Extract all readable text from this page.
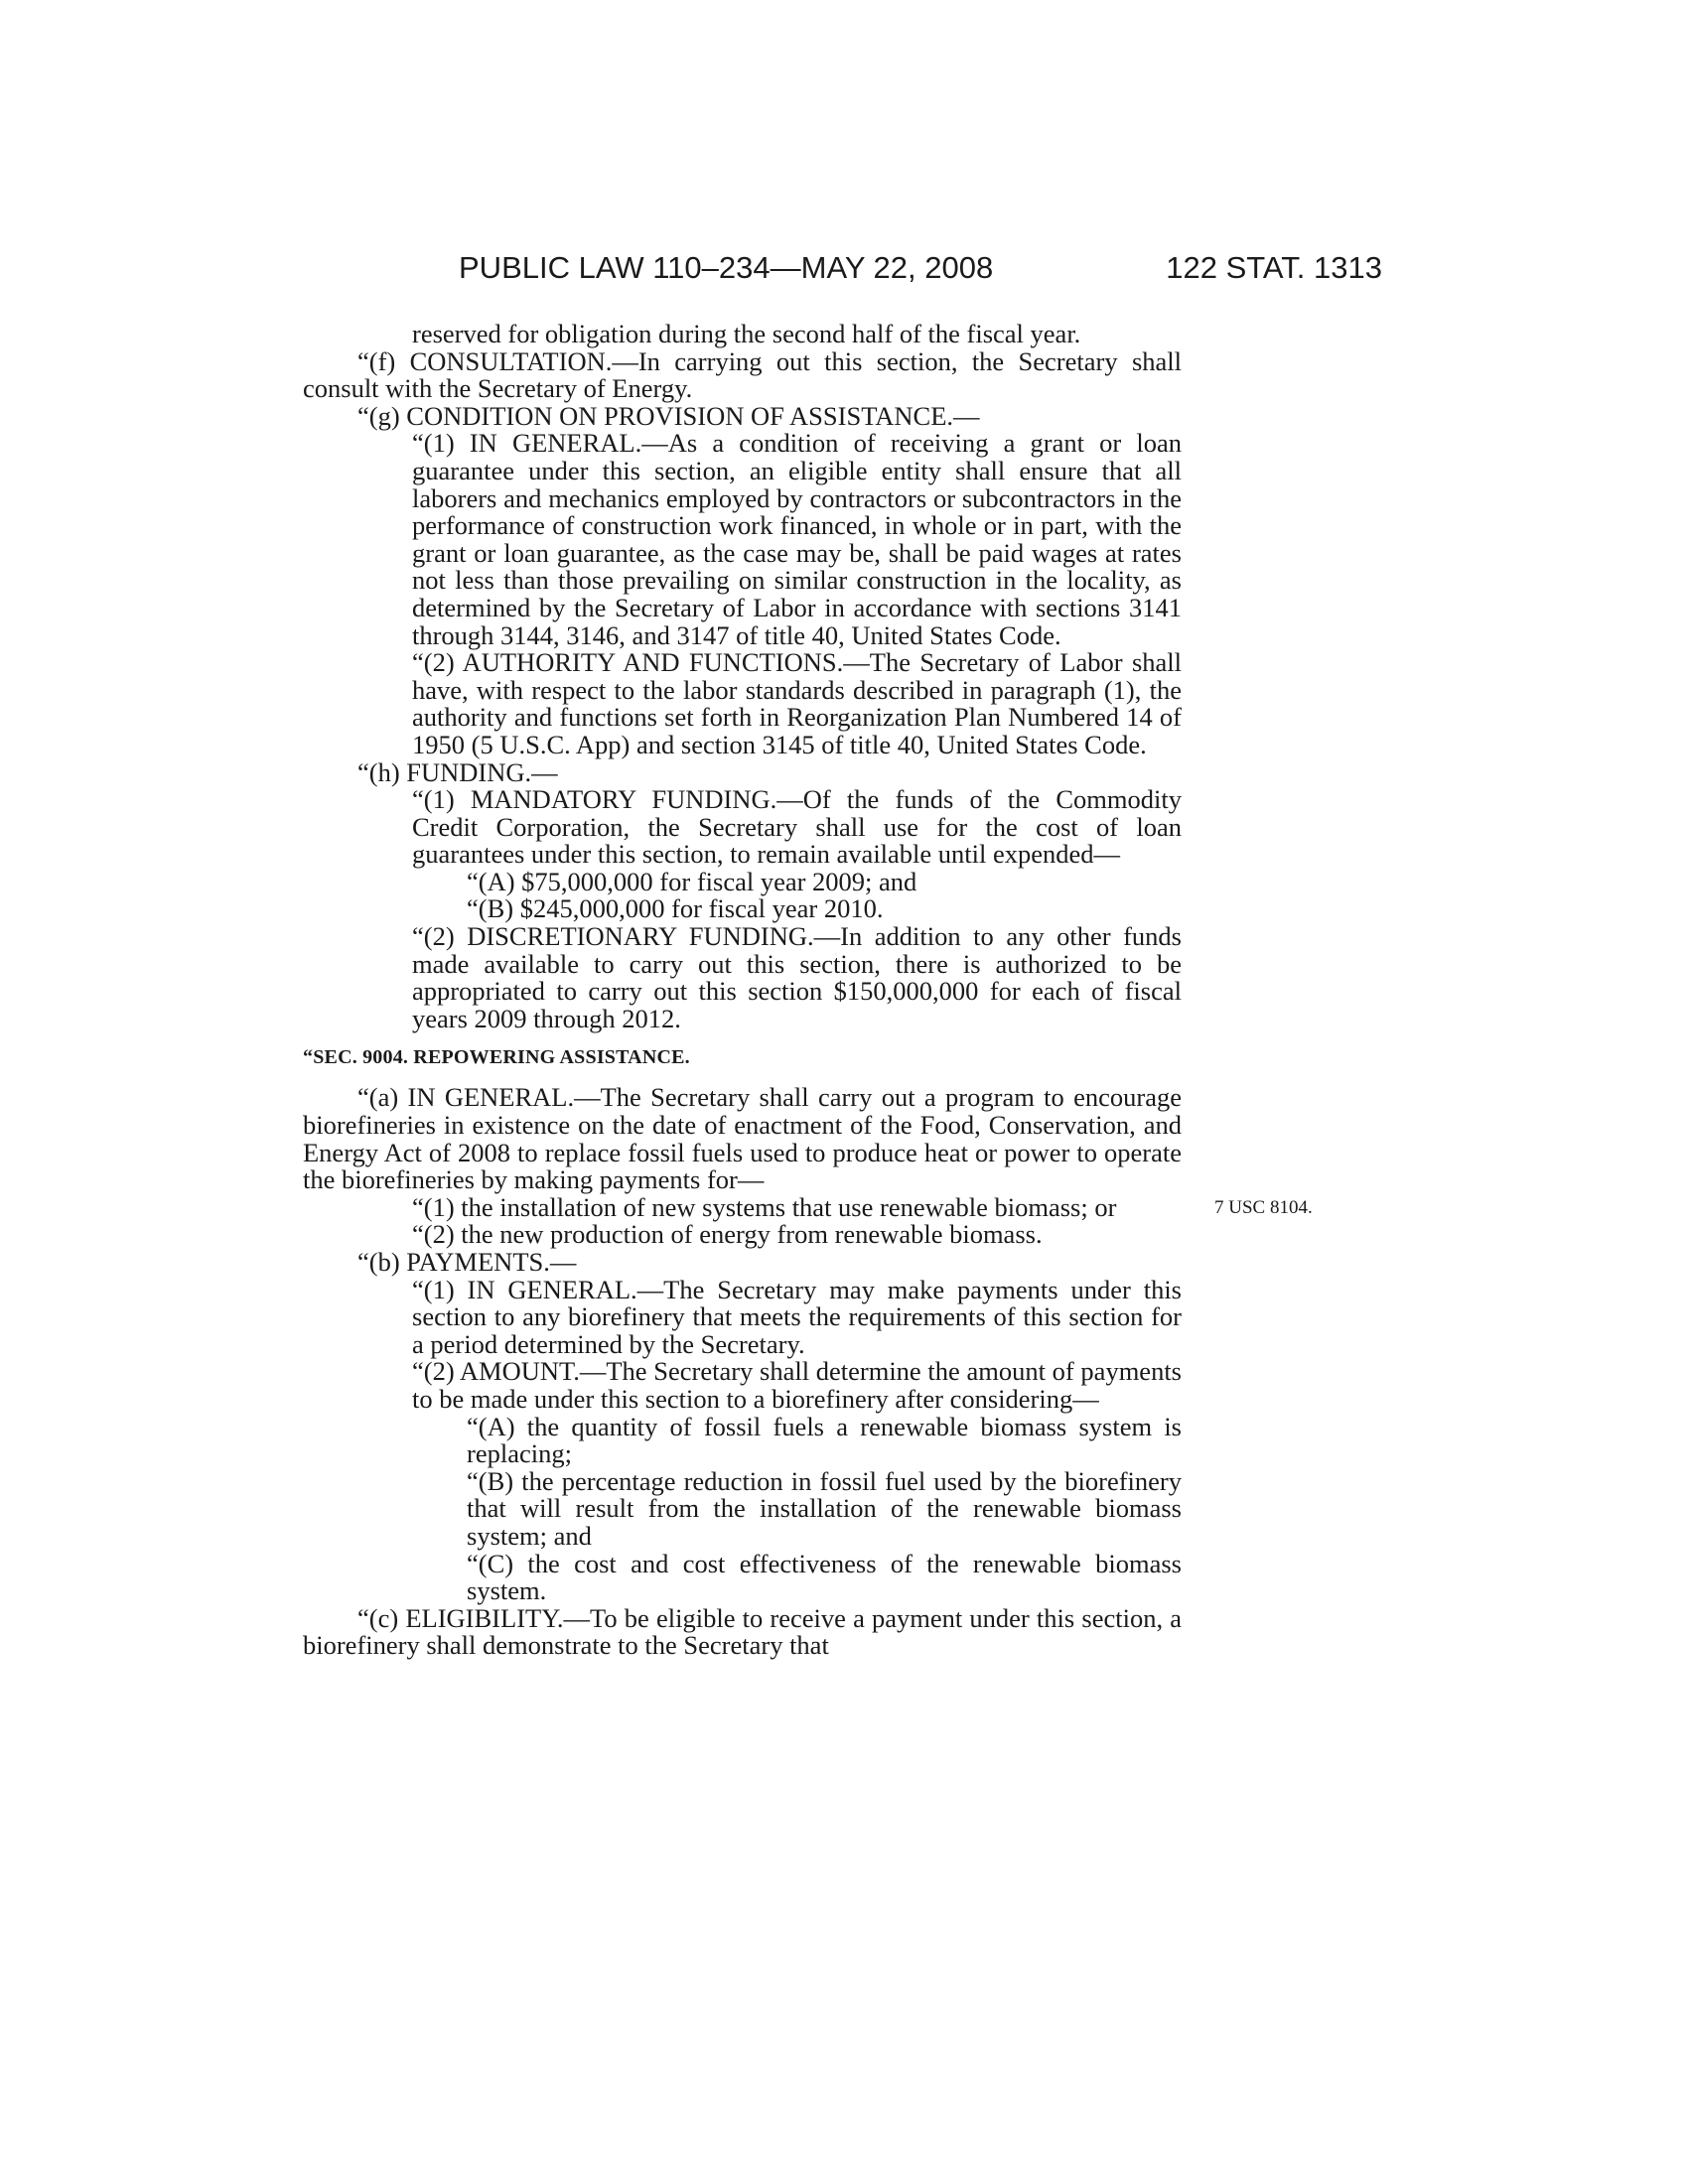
PUBLIC LAW 110–234—MAY 22, 2008	122 STAT. 1313
7 USC 8104.

reserved for obligation during the second half of the fiscal year.

“(f) CONSULTATION.—In carrying out this section, the Secretary shall consult with the Secretary of Energy.

“(g) CONDITION ON PROVISION OF ASSISTANCE.—

“(1) IN GENERAL.—As a condition of receiving a grant or loan guarantee under this section, an eligible entity shall ensure that all laborers and mechanics employed by contractors or subcontractors in the performance of construction work financed, in whole or in part, with the grant or loan guarantee, as the case may be, shall be paid wages at rates not less than those prevailing on similar construction in the locality, as determined by the Secretary of Labor in accordance with sections 3141 through 3144, 3146, and 3147 of title 40, United States Code.

“(2) AUTHORITY AND FUNCTIONS.—The Secretary of Labor shall have, with respect to the labor standards described in paragraph (1), the authority and functions set forth in Reorganization Plan Numbered 14 of 1950 (5 U.S.C. App) and section 3145 of title 40, United States Code.

“(h) FUNDING.—

“(1) MANDATORY FUNDING.—Of the funds of the Commodity Credit Corporation, the Secretary shall use for the cost of loan guarantees under this section, to remain available until expended—

“(A) $75,000,000 for fiscal year 2009; and

“(B) $245,000,000 for fiscal year 2010.

“(2) DISCRETIONARY FUNDING.—In addition to any other funds made available to carry out this section, there is authorized to be appropriated to carry out this section $150,000,000 for each of fiscal years 2009 through 2012.

“SEC. 9004. REPOWERING ASSISTANCE.

“(a) IN GENERAL.—The Secretary shall carry out a program to encourage biorefineries in existence on the date of enactment of the Food, Conservation, and Energy Act of 2008 to replace fossil fuels used to produce heat or power to operate the biorefineries by making payments for—

“(1) the installation of new systems that use renewable biomass; or

“(2) the new production of energy from renewable biomass.

“(b) PAYMENTS.—

“(1) IN GENERAL.—The Secretary may make payments under this section to any biorefinery that meets the requirements of this section for a period determined by the Secretary.

“(2) AMOUNT.—The Secretary shall determine the amount of payments to be made under this section to a biorefinery after considering—

“(A) the quantity of fossil fuels a renewable biomass system is replacing;

“(B) the percentage reduction in fossil fuel used by the biorefinery that will result from the installation of the renewable biomass system; and

“(C) the cost and cost effectiveness of the renewable biomass system.

“(c) ELIGIBILITY.—To be eligible to receive a payment under this section, a biorefinery shall demonstrate to the Secretary that
